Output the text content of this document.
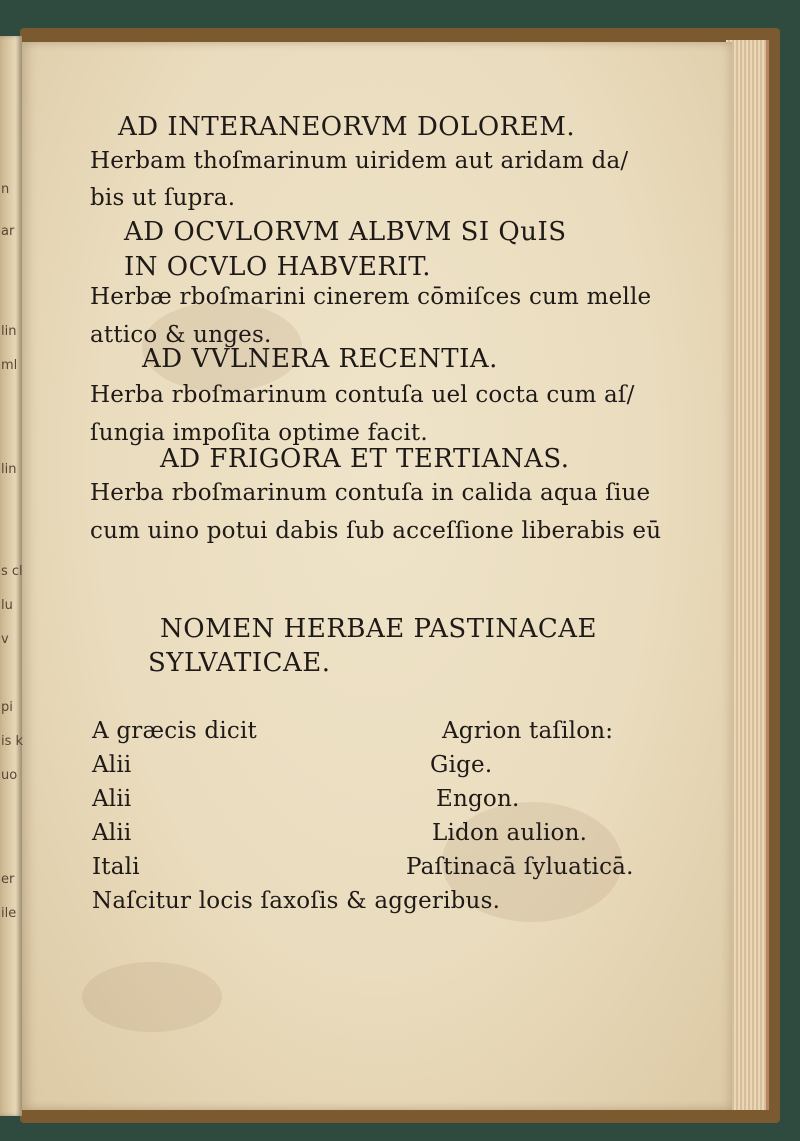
AD INTERANEORVM DOLOREM.
Herbam thoſmarinum uiridem aut aridam da/
bis ut ſupra.
AD OCVLORVM ALBVM SI QuIS
IN OCVLO HABVERIT.
Herbæ rboſmarini cinerem cōmiſces cum melle
attico & unges.
AD VVLNERA RECENTIA.
Herba rboſmarinum contuſa uel cocta cum aſ/
ſungia impoſita optime facit.
AD FRIGORA ET TERTIANAS.
Herba rboſmarinum contuſa in calida aqua ſiue
cum uino potui dabis ſub acceſſione liberabis eū
NOMEN HERBAE PASTINACAE
SYLVATICAE.
A græcis dicit	Agrion taſilon:
Alii	Gige.
Alii	Engon.
Alii	Lidon aulion.
Itali	Paſtinacā ſyluaticā.
Naſcitur locis ſaxoſis & aggeribus.
n
ar
lin
ml
lin
s cl
lu
v
pi
is k
uo
er
ile
